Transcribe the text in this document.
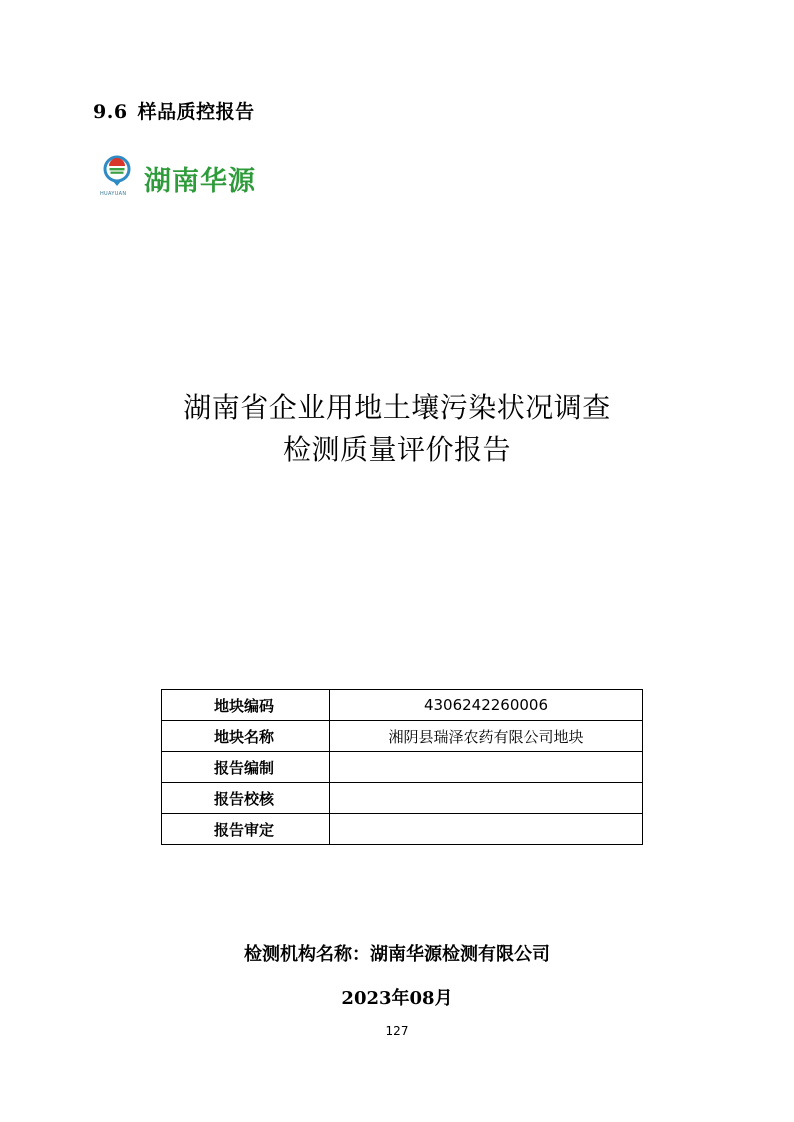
9.6 样品质控报告
HUAYUAN 湖南华源
湖南省企业用地土壤污染状况调查
检测质量评价报告
地块编码	4306242260006
地块名称	湘阴县瑞泽农药有限公司地块
报告编制	
报告校核	
报告审定	
检测机构名称：湖南华源检测有限公司
2023年08月
127
